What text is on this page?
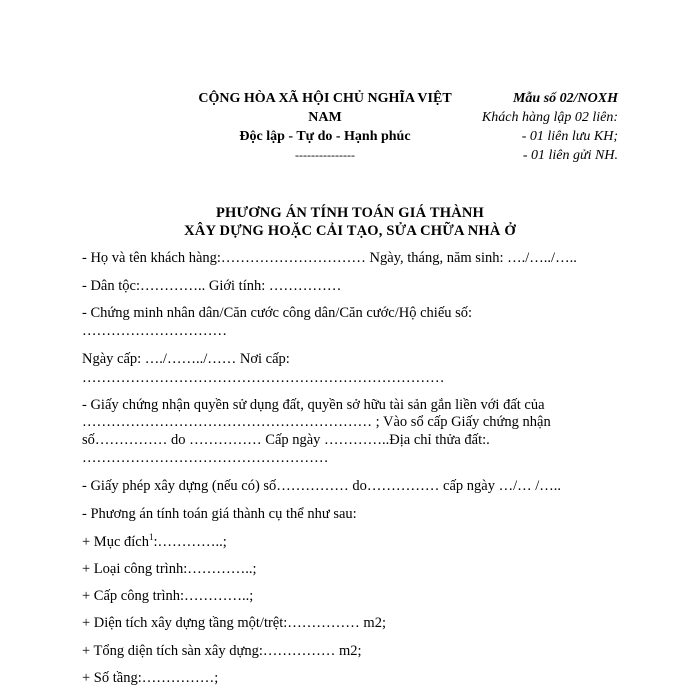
CỘNG HÒA XÃ HỘI CHỦ NGHĨA VIỆT
NAM
Độc lập - Tự do - Hạnh phúc
---------------
Mẫu số 02/NOXH
Khách hàng lập 02 liên:
- 01 liên lưu KH;
- 01 liên gửi NH.
PHƯƠNG ÁN TÍNH TOÁN GIÁ THÀNH
XÂY DỰNG HOẶC CẢI TẠO, SỬA CHỮA NHÀ Ở
- Họ và tên khách hàng:………………………… Ngày, tháng, năm sinh: …./…../…..
- Dân tộc:………….. Giới tính: ……………
- Chứng minh nhân dân/Căn cước công dân/Căn cước/Hộ chiếu số:
…………………………
Ngày cấp: …./……../…… Nơi cấp:
…………………………………………………………………
- Giấy chứng nhận quyền sử dụng đất, quyền sở hữu tài sản gắn liền với đất của
…………………………………………………… ; Vào sổ cấp Giấy chứng nhận
số…………… do …………… Cấp ngày …………..Địa chỉ thửa đất:.
……………………………………………
- Giấy phép xây dựng (nếu có) số…………… do…………… cấp ngày …/… /…..
- Phương án tính toán giá thành cụ thể như sau:
+ Mục đích$^1$:…………..;
+ Loại công trình:…………..;
+ Cấp công trình:…………..;
+ Diện tích xây dựng tầng một/trệt:…………… m2;
+ Tổng diện tích sàn xây dựng:…………… m2;
+ Số tầng:……………;
